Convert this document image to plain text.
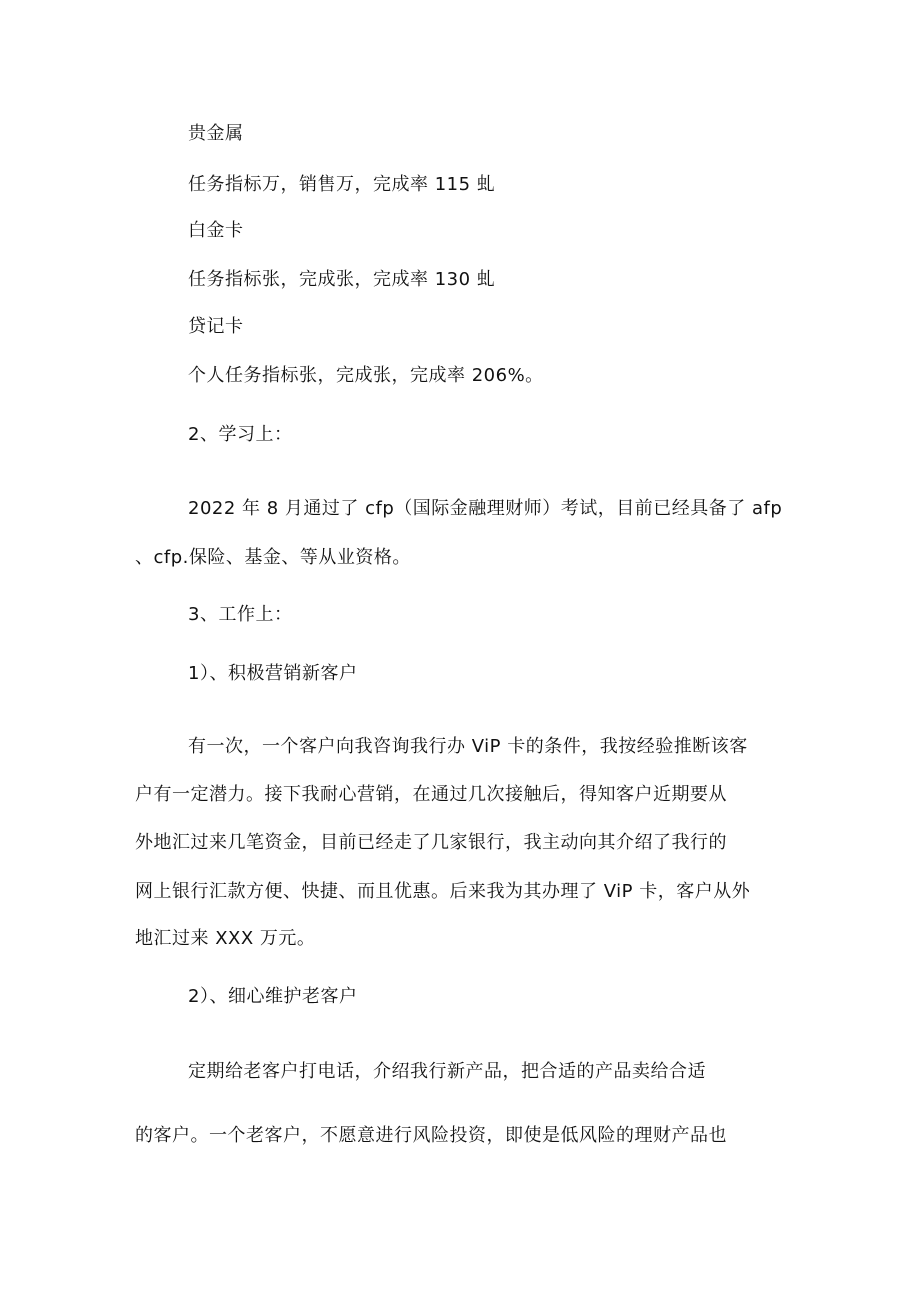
贵金属

任务指标万，销售万，完成率 115 虬

白金卡

任务指标张，完成张，完成率 130 虬

贷记卡

个人任务指标张，完成张，完成率 206%。

2、学习上：

2022 年 8 月通过了 cfp（国际金融理财师）考试，目前已经具备了 afp

、cfp.保险、基金、等从业资格。

3、工作上：

1）、积极营销新客户

有一次，一个客户向我咨询我行办 ViP 卡的条件，我按经验推断该客

户有一定潜力。接下我耐心营销，在通过几次接触后，得知客户近期要从

外地汇过来几笔资金，目前已经走了几家银行，我主动向其介绍了我行的

网上银行汇款方便、快捷、而且优惠。后来我为其办理了 ViP 卡，客户从外

地汇过来 XXX 万元。

2）、细心维护老客户

定期给老客户打电话，介绍我行新产品，把合适的产品卖给合适

的客户。一个老客户，不愿意进行风险投资，即使是低风险的理财产品也
